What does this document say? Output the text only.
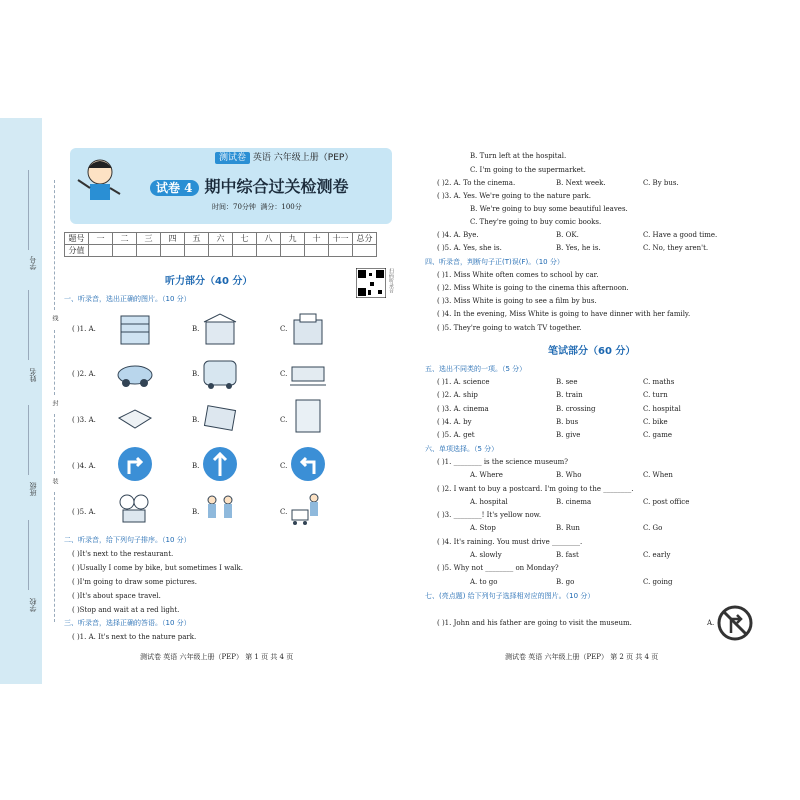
学号
姓名
班级
学校
线
封
装
测试卷 英语 六年级上册（PEP）
试卷 4 期中综合过关检测卷
时间：70分钟 满分：100分
题号	一	二	三	四	五	六	七	八	九	十	十一	总分
分值												
听力部分（40 分）	扫码听录音
一、听录音，选出正确的图片。（10 分）
( )1. A.	B.	C.
( )2. A.	B.	C.
( )3. A.	B.	C.
( )4. A.	B.	C.
( )5. A.	B.	C.
二、听录音，给下列句子排序。（10 分）
( )It's next to the restaurant.
( )Usually I come by bike, but sometimes I walk.
( )I'm going to draw some pictures.
( )It's about space travel.
( )Stop and wait at a red light.
三、听录音，选择正确的答语。（10 分）
( )1. A. It's next to the nature park.
测试卷 英语 六年级上册（PEP） 第 1 页 共 4 页
B. Turn left at the hospital.
C. I'm going to the supermarket.
( )2. A. To the cinema.	B. Next week.	C. By bus.
( )3. A. Yes. We're going to the nature park.
B. We're going to buy some beautiful leaves.
C. They're going to buy comic books.
( )4. A. Bye.	B. OK.	C. Have a good time.
( )5. A. Yes, she is.	B. Yes, he is.	C. No, they aren't.
四、听录音，判断句子正(T)误(F)。（10 分）
( )1. Miss White often comes to school by car.
( )2. Miss White is going to the cinema this afternoon.
( )3. Miss White is going to see a film by bus.
( )4. In the evening, Miss White is going to have dinner with her family.
( )5. They're going to watch TV together.
笔试部分（60 分）
五、选出不同类的一项。（5 分）
( )1. A. science	B. see	C. maths
( )2. A. ship	B. train	C. turn
( )3. A. cinema	B. crossing	C. hospital
( )4. A. by	B. bus	C. bike
( )5. A. get	B. give	C. game
六、单项选择。（5 分）
( )1. ________ is the science museum?
A. Where	B. Who	C. When
( )2. I want to buy a postcard. I'm going to the ________.
A. hospital	B. cinema	C. post office
( )3. ________! It's yellow now.
A. Stop	B. Run	C. Go
( )4. It's raining. You must drive ________.
A. slowly	B. fast	C. early
( )5. Why not ________ on Monday?
A. to go	B. go	C. going
七、(亮点题) 给下列句子选择相对应的图片。（10 分）
( )1. John and his father are going to visit the museum.	A.
测试卷 英语 六年级上册（PEP） 第 2 页 共 4 页
